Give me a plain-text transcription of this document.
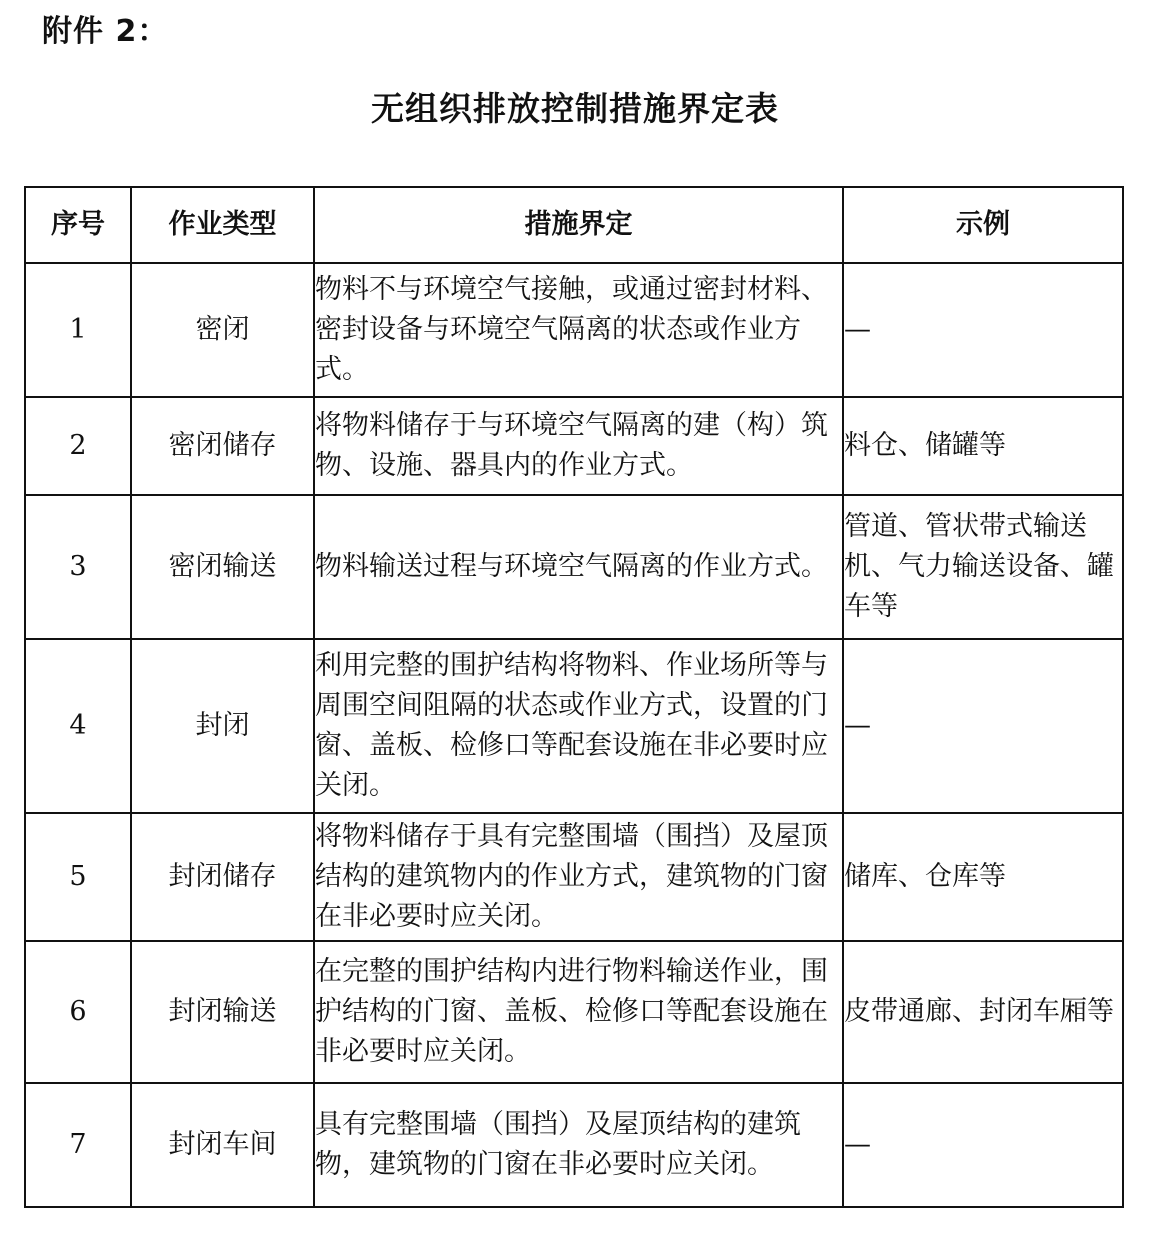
附件 2：
无组织排放控制措施界定表
序号	作业类型	措施界定	示例
1	密闭	物料不与环境空气接触，或通过密封材料、密封设备与环境空气隔离的状态或作业方式。	—
2	密闭储存	将物料储存于与环境空气隔离的建（构）筑物、设施、器具内的作业方式。	料仓、储罐等
3	密闭输送	物料输送过程与环境空气隔离的作业方式。	管道、管状带式输送机、气力输送设备、罐车等
4	封闭	利用完整的围护结构将物料、作业场所等与周围空间阻隔的状态或作业方式，设置的门窗、盖板、检修口等配套设施在非必要时应关闭。	—
5	封闭储存	将物料储存于具有完整围墙（围挡）及屋顶结构的建筑物内的作业方式，建筑物的门窗在非必要时应关闭。	储库、仓库等
6	封闭输送	在完整的围护结构内进行物料输送作业，围护结构的门窗、盖板、检修口等配套设施在非必要时应关闭。	皮带通廊、封闭车厢等
7	封闭车间	具有完整围墙（围挡）及屋顶结构的建筑物，建筑物的门窗在非必要时应关闭。	—
